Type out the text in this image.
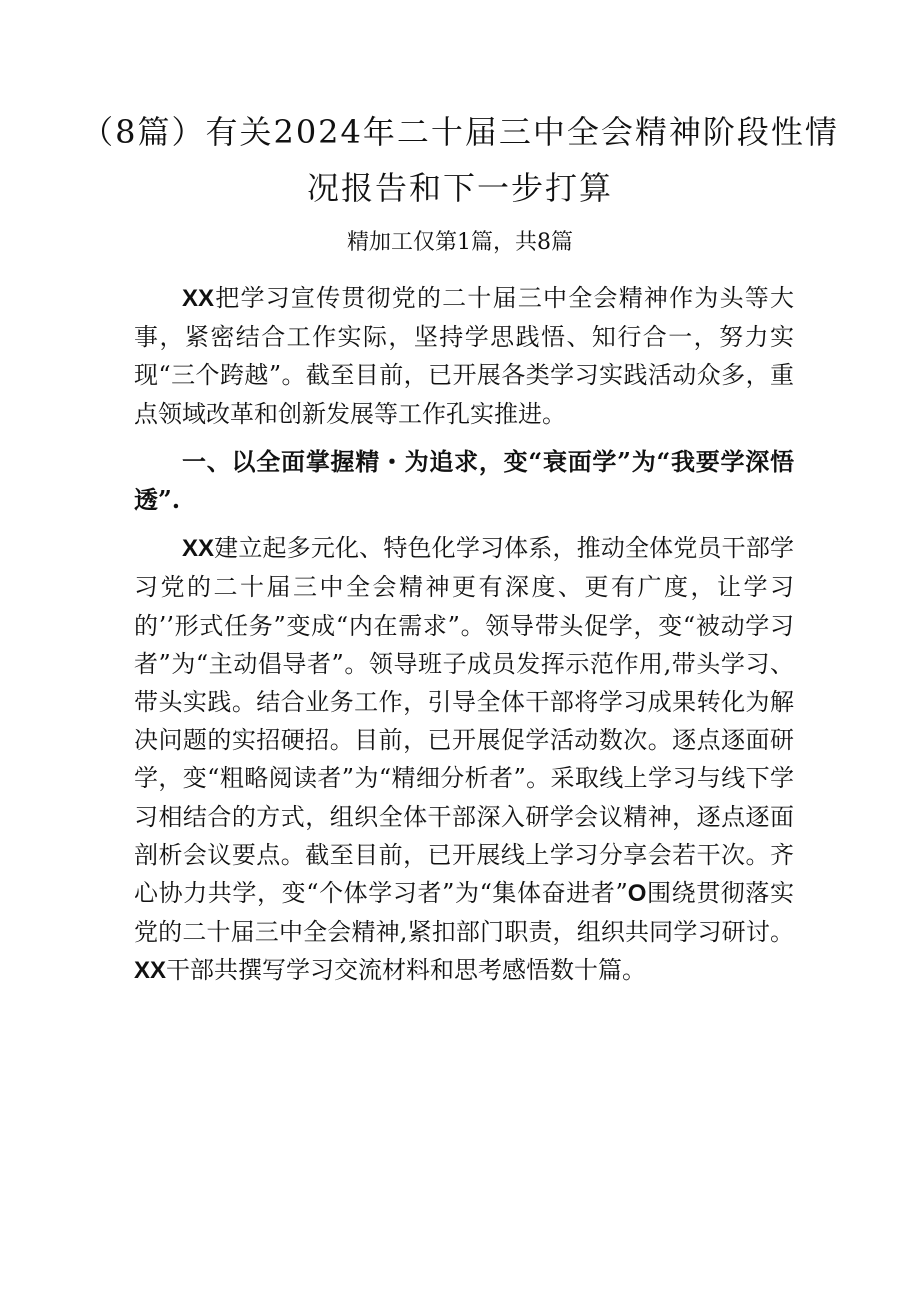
（8篇）有关2024年二十届三中全会精神阶段性情况报告和下一步打算
精加工仅第1篇，共8篇

XX把学习宣传贯彻党的二十届三中全会精神作为头等大事，紧密结合工作实际，坚持学思践悟、知行合一，努力实现“三个跨越”。截至目前，已开展各类学习实践活动众多，重点领域改革和创新发展等工作孔实推进。

一、以全面掌握精・为追求，变“衰面学”为“我要学深悟透”.

XX建立起多元化、特色化学习体系，推动全体党员干部学习党的二十届三中全会精神更有深度、更有广度，让学习的’’形式任务”变成“内在需求”。领导带头促学，变“被动学习者”为“主动倡导者”。领导班子成员发挥示范作用,带头学习、带头实践。结合业务工作，引导全体干部将学习成果转化为解决问题的实招硬招。目前，已开展促学活动数次。逐点逐面研学，变“粗略阅读者”为“精细分析者”。采取线上学习与线下学习相结合的方式，组织全体干部深入研学会议精神，逐点逐面剖析会议要点。截至目前，已开展线上学习分享会若干次。齐心协力共学，变“个体学习者”为“集体奋进者”O围绕贯彻落实党的二十届三中全会精神,紧扣部门职责，组织共同学习研讨。XX干部共撰写学习交流材料和思考感悟数十篇。
